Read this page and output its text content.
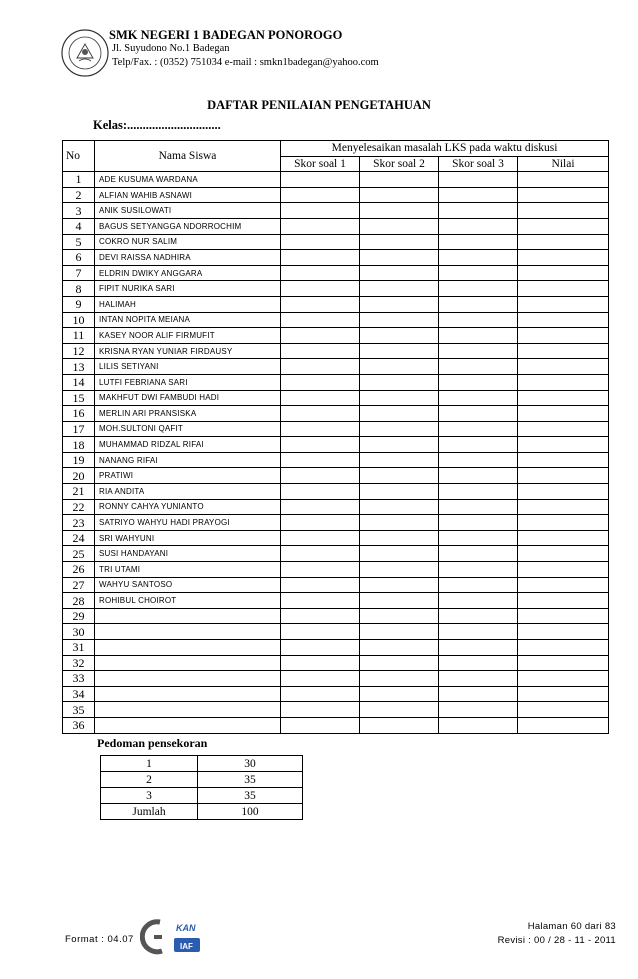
SMK NEGERI 1 BADEGAN PONOROGO
Jl. Suyudono No.1 Badegan
Telp/Fax. : (0352) 751034 e-mail : smkn1badegan@yahoo.com
DAFTAR PENILAIAN PENGETAHUAN
Kelas:..............................
No	Nama Siswa	Menyelesaikan masalah LKS pada waktu diskusi			
		Skor soal 1	Skor soal 2	Skor soal 3	Nilai
1	ADE KUSUMA WARDANA				
2	ALFIAN WAHIB ASNAWI				
3	ANIK SUSILOWATI				
4	BAGUS SETYANGGA NDORROCHIM				
5	COKRO NUR SALIM				
6	DEVI RAISSA NADHIRA				
7	ELDRIN DWIKY ANGGARA				
8	FIPIT NURIKA SARI				
9	HALIMAH				
10	INTAN NOPITA MEIANA				
11	KASEY NOOR ALIF FIRMUFIT				
12	KRISNA RYAN YUNIAR FIRDAUSY				
13	LILIS SETIYANI				
14	LUTFI FEBRIANA SARI				
15	MAKHFUT DWI FAMBUDI HADI				
16	MERLIN ARI PRANSISKA				
17	MOH.SULTONI QAFIT				
18	MUHAMMAD RIDZAL RIFAI				
19	NANANG RIFAI				
20	PRATIWI				
21	RIA ANDITA				
22	RONNY CAHYA YUNIANTO				
23	SATRIYO WAHYU HADI PRAYOGI				
24	SRI WAHYUNI				
25	SUSI HANDAYANI				
26	TRI UTAMI				
27	WAHYU SANTOSO				
28	ROHIBUL CHOIROT				
29					
30					
31					
32					
33					
34					
35					
36					
Pedoman pensekoran
1	30
2	35
3	35
Jumlah	100
Format : 04.07
KAN
IAF
Halaman 60 dari 83
Revisi : 00 / 28 - 11 - 2011
